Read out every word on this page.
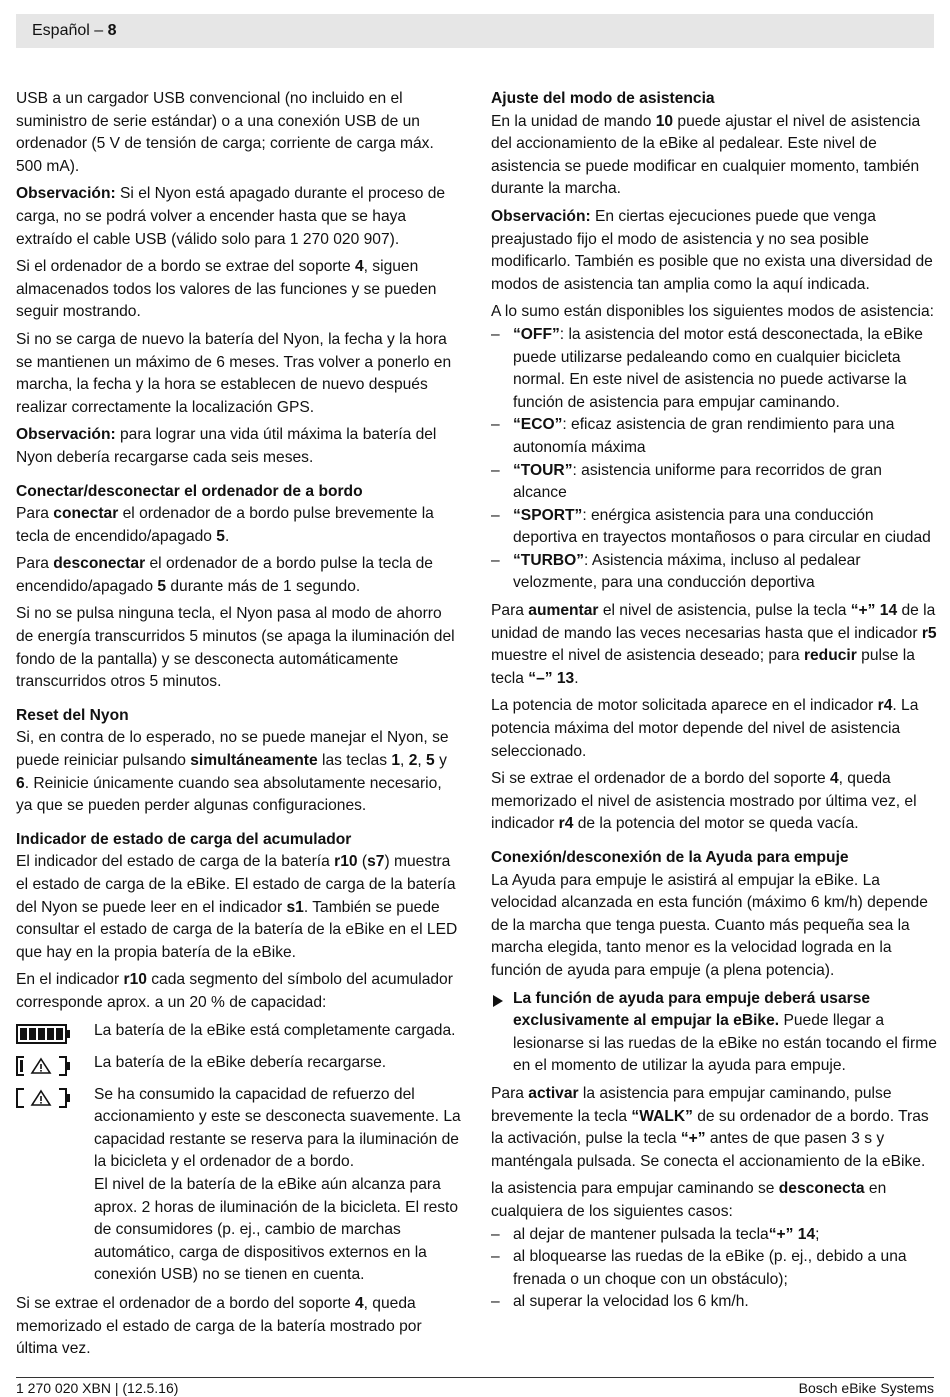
Español – 8

USB a un cargador USB convencional (no incluido en el suministro de serie estándar) o a una conexión USB de un ordenador (5 V de tensión de carga; corriente de carga máx. 500 mA).

Observación: Si el Nyon está apagado durante el proceso de carga, no se podrá volver a encender hasta que se haya extraído el cable USB (válido solo para 1 270 020 907).

Si el ordenador de a bordo se extrae del soporte 4, siguen almacenados todos los valores de las funciones y se pueden seguir mostrando.

Si no se carga de nuevo la batería del Nyon, la fecha y la hora se mantienen un máximo de 6 meses. Tras volver a ponerlo en marcha, la fecha y la hora se establecen de nuevo después realizar correctamente la localización GPS.

Observación: para lograr una vida útil máxima la batería del Nyon debería recargarse cada seis meses.

Conectar/desconectar el ordenador de a bordo

Para conectar el ordenador de a bordo pulse brevemente la tecla de encendido/apagado 5.

Para desconectar el ordenador de a bordo pulse la tecla de encendido/apagado 5 durante más de 1 segundo.

Si no se pulsa ninguna tecla, el Nyon pasa al modo de ahorro de energía transcurridos 5 minutos (se apaga la iluminación del fondo de la pantalla) y se desconecta automáticamente transcurridos otros 5 minutos.

Reset del Nyon

Si, en contra de lo esperado, no se puede manejar el Nyon, se puede reiniciar pulsando simultáneamente las teclas 1, 2, 5 y 6. Reinicie únicamente cuando sea absolutamente necesario, ya que se pueden perder algunas configuraciones.

Indicador de estado de carga del acumulador

El indicador del estado de carga de la batería r10 (s7) muestra el estado de carga de la eBike. El estado de carga de la batería del Nyon se puede leer en el indicador s1. También se puede consultar el estado de carga de la batería de la eBike en el LED que hay en la propia batería de la eBike.

En el indicador r10 cada segmento del símbolo del acumulador corresponde aprox. a un 20 % de capacidad:

La batería de la eBike está completamente cargada.
La batería de la eBike debería recargarse.
Se ha consumido la capacidad de refuerzo del accionamiento y este se desconecta suavemente. La capacidad restante se reserva para la iluminación de la bicicleta y el ordenador de a bordo.
El nivel de la batería de la eBike aún alcanza para aprox. 2 horas de iluminación de la bicicleta. El resto de consumidores (p. ej., cambio de marchas automático, carga de dispositivos externos en la conexión USB) no se tienen en cuenta.

Si se extrae el ordenador de a bordo del soporte 4, queda memorizado el estado de carga de la batería mostrado por última vez.

Ajuste del modo de asistencia

En la unidad de mando 10 puede ajustar el nivel de asistencia del accionamiento de la eBike al pedalear. Este nivel de asistencia se puede modificar en cualquier momento, también durante la marcha.

Observación: En ciertas ejecuciones puede que venga preajustado fijo el modo de asistencia y no sea posible modificarlo. También es posible que no exista una diversidad de modos de asistencia tan amplia como la aquí indicada.

A lo sumo están disponibles los siguientes modos de asistencia:

– “OFF”: la asistencia del motor está desconectada, la eBike puede utilizarse pedaleando como en cualquier bicicleta normal. En este nivel de asistencia no puede activarse la función de asistencia para empujar caminando.
– “ECO”: eficaz asistencia de gran rendimiento para una autonomía máxima
– “TOUR”: asistencia uniforme para recorridos de gran alcance
– “SPORT”: enérgica asistencia para una conducción deportiva en trayectos montañosos o para circular en ciudad
– “TURBO”: Asistencia máxima, incluso al pedalear velozmente, para una conducción deportiva

Para aumentar el nivel de asistencia, pulse la tecla “+” 14 de la unidad de mando las veces necesarias hasta que el indicador r5 muestre el nivel de asistencia deseado; para reducir pulse la tecla “–” 13.

La potencia de motor solicitada aparece en el indicador r4. La potencia máxima del motor depende del nivel de asistencia seleccionado.

Si se extrae el ordenador de a bordo del soporte 4, queda memorizado el nivel de asistencia mostrado por última vez, el indicador r4 de la potencia del motor se queda vacía.

Conexión/desconexión de la Ayuda para empuje

La Ayuda para empuje le asistirá al empujar la eBike. La velocidad alcanzada en esta función (máximo 6 km/h) depende de la marcha que tenga puesta. Cuanto más pequeña sea la marcha elegida, tanto menor es la velocidad lograda en la función de ayuda para empuje (a plena potencia).

La función de ayuda para empuje deberá usarse exclusivamente al empujar la eBike. Puede llegar a lesionarse si las ruedas de la eBike no están tocando el firme en el momento de utilizar la ayuda para empuje.

Para activar la asistencia para empujar caminando, pulse brevemente la tecla “WALK” de su ordenador de a bordo. Tras la activación, pulse la tecla “+” antes de que pasen 3 s y manténgala pulsada. Se conecta el accionamiento de la eBike.

la asistencia para empujar caminando se desconecta en cualquiera de los siguientes casos:

– al dejar de mantener pulsada la tecla“+” 14;
– al bloquearse las ruedas de la eBike (p. ej., debido a una frenada o un choque con un obstáculo);
– al superar la velocidad los 6 km/h.
1 270 020 XBN | (12.5.16)	Bosch eBike Systems
